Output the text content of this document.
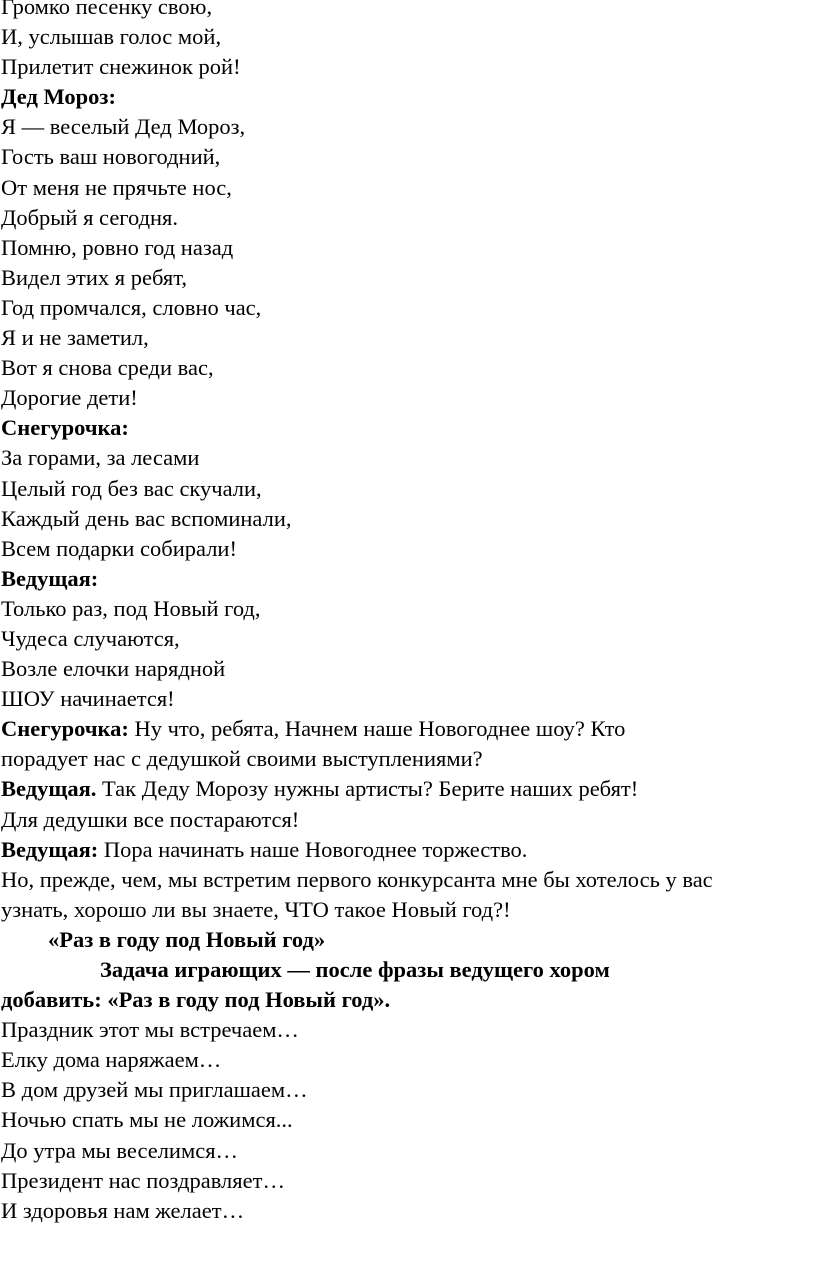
Громко песенку свою,
И, услышав голос мой,
Прилетит снежинок рой!
Дед Мороз:
Я — веселый Дед Мороз,
Гость ваш новогодний,
От меня не прячьте нос,
Добрый я сегодня.
Помню, ровно год назад
Видел этих я ребят,
Год промчался, словно час,
Я и не заметил,
Вот я снова среди вас,
Дорогие дети!
Снегурочка:
За горами, за лесами
Целый год без вас скучали,
Каждый день вас вспоминали,
Всем подарки собирали!
Ведущая:
Только раз, под Новый год,
Чудеса случаются,
Возле елочки нарядной
ШОУ начинается!
Снегурочка: Ну что, ребята, Начнем наше Новогоднее шоу? Кто
порадует нас с дедушкой своими выступлениями?
Ведущая. Так Деду Морозу нужны артисты? Берите наших ребят!
Для дедушки все постараются!
Ведущая: Пора начинать наше Новогоднее торжество.
Но, прежде, чем, мы встретим первого конкурсанта мне бы хотелось у вас
узнать, хорошо ли вы знаете, ЧТО такое Новый год?!
«Раз в году под Новый год»
Задача играющих — после фразы ведущего хором
добавить: «Раз в году под Новый год».
Праздник этот мы встречаем…
Елку дома наряжаем…
В дом друзей мы приглашаем…
Ночью спать мы не ложимся...
До утра мы веселимся…
Президент нас поздравляет…
И здоровья нам желает…
